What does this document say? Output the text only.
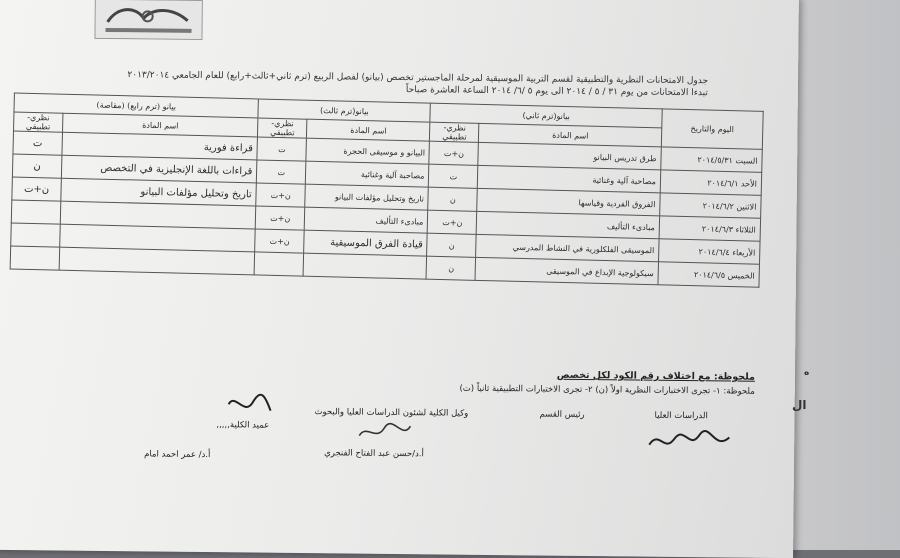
جدول الامتحانات النظرية والتطبيقية لقسم التربية الموسيقية لمرحلة الماجستير تخصص (بيانو) لفصل الربيع (ترم ثاني+ثالث+رابع) للعام الجامعي ٢٠١٣/٢٠١٤
تبدءا الامتحانات من يوم ٣١ / ٥ / ٢٠١٤ الى يوم ٥ /٦/ ٢٠١٤ الساعة العاشرة صباحاً
اليوم والتاريخ	بيانو(ترم ثاني)		بيانو(ترم ثالث)		بيانو (ترم رابع) (مقاصة)	
	اسم المادة	نظري- تطبيقي	اسم المادة	نظري- تطبيقي	اسم المادة	نظري- تطبيقي
السبت ٢٠١٤/٥/٣١	طرق تدريس البيانو	ن+ت	البيانو و موسيقى الحجرة	ت	قراءة فورية	ت
الأحد ٢٠١٤/٦/١	مصاحبة آلية وغنائية	ت	مصاحبة آلية وغنائية	ت	قراءات باللغة الإنجليزية في التخصص	ن
الاثنين ٢٠١٤/٦/٢	الفروق الفردية وقياسها	ن	تاريخ وتحليل مؤلفات البيانو	ن+ت	تاريخ وتحليل مؤلفات البيانو	ن+ت
الثلاثاء ٢٠١٤/٦/٣	مبادىء التأليف	ن+ت	مبادىء التأليف	ن+ت		
الأربعاء ٢٠١٤/٦/٤	الموسيقى الفلكلورية في النشاط المدرسي	ن	قيادة الفرق الموسيقية	ن+ت		
الخميس ٢٠١٤/٦/٥	سيكولوجية الإبداع في الموسيقى	ن				
ملحوظة: مع اختلاف رقم الكود لكل تخصص
ملحوظة: ١- تجرى الاختبارات النظرية اولاً (ن) ٢- تجرى الاختبارات التطبيقية ثانياً (ت)
الدراسات العليا
رئيس القسم
وكيل الكلية لشئون الدراسات العليا والبحوث
أ.د/حسن عبد الفتاح الفنجري
عميد الكلية,,,,,
أ.د/ عمر احمد امام
ال
ه
